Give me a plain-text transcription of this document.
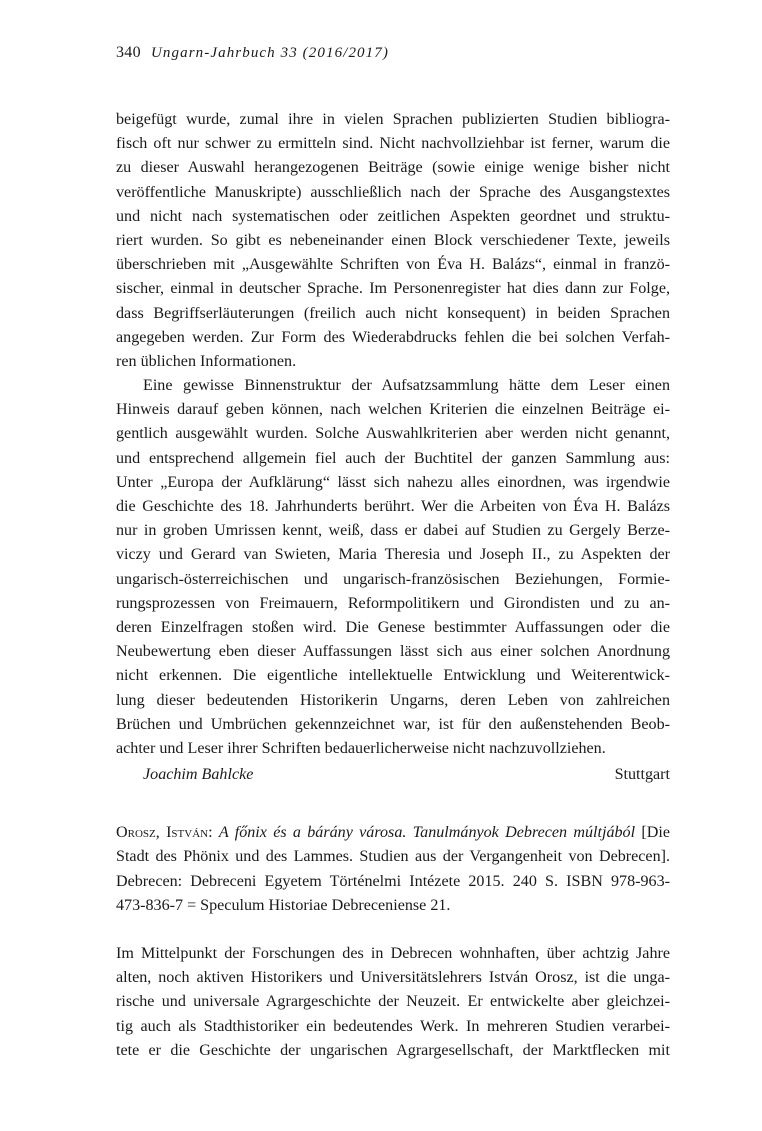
340 Ungarn-Jahrbuch 33 (2016/2017)
beigefügt wurde, zumal ihre in vielen Sprachen publizierten Studien bibliogra-
fisch oft nur schwer zu ermitteln sind. Nicht nachvollziehbar ist ferner, warum die
zu dieser Auswahl herangezogenen Beiträge (sowie einige wenige bisher nicht
veröffentliche Manuskripte) ausschließlich nach der Sprache des Ausgangstextes
und nicht nach systematischen oder zeitlichen Aspekten geordnet und struktu-
riert wurden. So gibt es nebeneinander einen Block verschiedener Texte, jeweils
überschrieben mit „Ausgewählte Schriften von Éva H. Balázs“, einmal in franzö-
sischer, einmal in deutscher Sprache. Im Personenregister hat dies dann zur Folge,
dass Begriffserläuterungen (freilich auch nicht konsequent) in beiden Sprachen
angegeben werden. Zur Form des Wiederabdrucks fehlen die bei solchen Verfah-
ren üblichen Informationen.
Eine gewisse Binnenstruktur der Aufsatzsammlung hätte dem Leser einen
Hinweis darauf geben können, nach welchen Kriterien die einzelnen Beiträge ei-
gentlich ausgewählt wurden. Solche Auswahlkriterien aber werden nicht genannt,
und entsprechend allgemein fiel auch der Buchtitel der ganzen Sammlung aus:
Unter „Europa der Aufklärung“ lässt sich nahezu alles einordnen, was irgendwie
die Geschichte des 18. Jahrhunderts berührt. Wer die Arbeiten von Éva H. Balázs
nur in groben Umrissen kennt, weiß, dass er dabei auf Studien zu Gergely Berze-
viczy und Gerard van Swieten, Maria Theresia und Joseph II., zu Aspekten der
ungarisch-österreichischen und ungarisch-französischen Beziehungen, Formie-
rungsprozessen von Freimauern, Reformpolitikern und Girondisten und zu an-
deren Einzelfragen stoßen wird. Die Genese bestimmter Auffassungen oder die
Neubewertung eben dieser Auffassungen lässt sich aus einer solchen Anordnung
nicht erkennen. Die eigentliche intellektuelle Entwicklung und Weiterentwick-
lung dieser bedeutenden Historikerin Ungarns, deren Leben von zahlreichen
Brüchen und Umbrüchen gekennzeichnet war, ist für den außenstehenden Beob-
achter und Leser ihrer Schriften bedauerlicherweise nicht nachzuvollziehen.
Joachim Bahlcke	Stuttgart
Orosz, István: A főnix és a bárány városa. Tanulmányok Debrecen múltjából [Die
Stadt des Phönix und des Lammes. Studien aus der Vergangenheit von Debrecen].
Debrecen: Debreceni Egyetem Történelmi Intézete 2015. 240 S. ISBN 978-963-
473-836-7 = Speculum Historiae Debreceniense 21.
Im Mittelpunkt der Forschungen des in Debrecen wohnhaften, über achtzig Jahre
alten, noch aktiven Historikers und Universitätslehrers István Orosz, ist die unga-
rische und universale Agrargeschichte der Neuzeit. Er entwickelte aber gleichzei-
tig auch als Stadthistoriker ein bedeutendes Werk. In mehreren Studien verarbei-
tete er die Geschichte der ungarischen Agrargesellschaft, der Marktflecken mit
